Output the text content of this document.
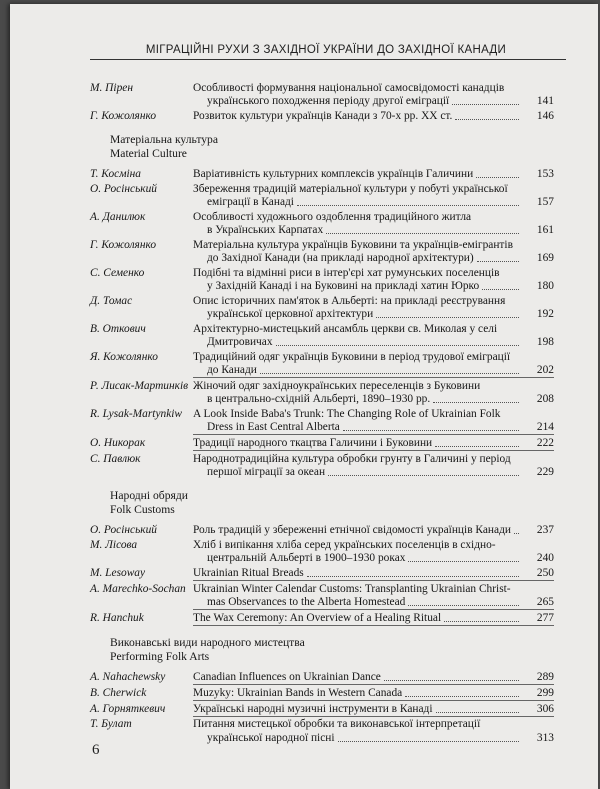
МІГРАЦІЙНІ РУХИ З ЗАХІДНОЇ УКРАЇНИ ДО ЗАХІДНОЇ КАНАДИ
М. Пірен	Особливості формування національної самосвідомості канадців
українського походження періоду другої еміграції	141
Г. Кожолянко	Розвиток культури українців Канади з 70-х рр. ХХ ст.	146
Матеріальна культура
Material Culture
Т. Косміна	Варіативність культурних комплексів українців Галичини	153
О. Росінський	Збереження традицій матеріальної культури у побуті української
еміграції в Канаді	157
А. Данилюк	Особливості художнього оздоблення традиційного житла
в Українських Карпатах	161
Г. Кожолянко	Матеріальна культура українців Буковини та українців-емігрантів
до Західної Канади (на прикладі народної архітектури)	169
С. Семенко	Подібні та відмінні риси в інтер'єрі хат румунських поселенців
у Західній Канаді і на Буковині на прикладі хатин Юрко	180
Д. Томас	Опис історичних пам'яток в Альберті: на прикладі реєстрування
української церковної архітектури	192
В. Откович	Архітектурно-мистецький ансамбль церкви св. Миколая у селі
Дмитровичах	198
Я. Кожолянко	Традиційний одяг українців Буковини в період трудової еміграції
до Канади	202
Р. Лисак-Мартинків Жіночий одяг західноукраїнських переселенців з Буковини
в центрально-східній Альберті, 1890–1930 рр.	208
R. Lysak-Martynkiw A Look Inside Baba's Trunk: The Changing Role of Ukrainian Folk
Dress in East Central Alberta	214
О. Никорак	Традиції народного ткацтва Галичини і Буковини	222
С. Павлюк	Народнотрадиційна культура обробки грунту в Галичині у період
першої міграції за океан	229
Народні обряди
Folk Customs
О. Росінський	Роль традицій у збереженні етнічної свідомості українців Канади	237
М. Лісова	Хліб і випікання хліба серед українських поселенців в східно-
центральній Альберті в 1900–1930 роках	240
M. Lesoway	Ukrainian Ritual Breads	250
A. Marechko-Sochan Ukrainian Winter Calendar Customs: Transplanting Ukrainian Christ-
mas Observances to the Alberta Homestead	265
R. Hanchuk	The Wax Ceremony: An Overview of a Healing Ritual	277
Виконавські види народного мистецтва
Performing Folk Arts
A. Nahachewsky	Canadian Influences on Ukrainian Dance	289
B. Cherwick	Muzyky: Ukrainian Bands in Western Canada	299
А. Горняткевич	Українські народні музичні інструменти в Канаді	306
Т. Булат	Питання мистецької обробки та виконавської інтерпретації
української народної пісні	313
6
